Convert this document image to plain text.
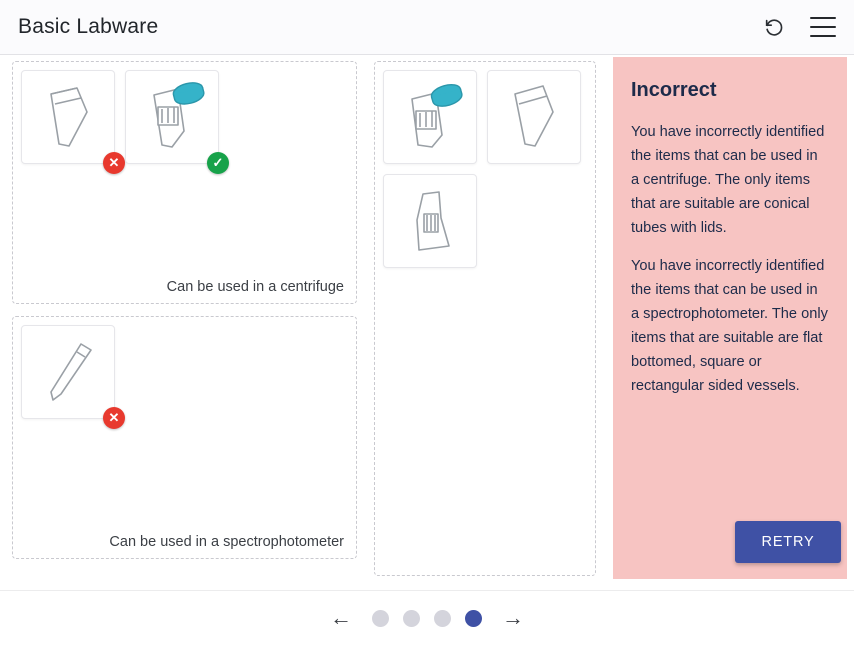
Basic Labware
✕	✓
Can be used in a centrifuge
✕
Can be used in a spectrophotometer
Incorrect

You have incorrectly identified the items that can be used in a centrifuge. The only items that are suitable are conical tubes with lids.

You have incorrectly identified the items that can be used in a spectrophotometer. The only items that are suitable are flat bottomed, square or rectangular sided vessels.

RETRY
←	→
